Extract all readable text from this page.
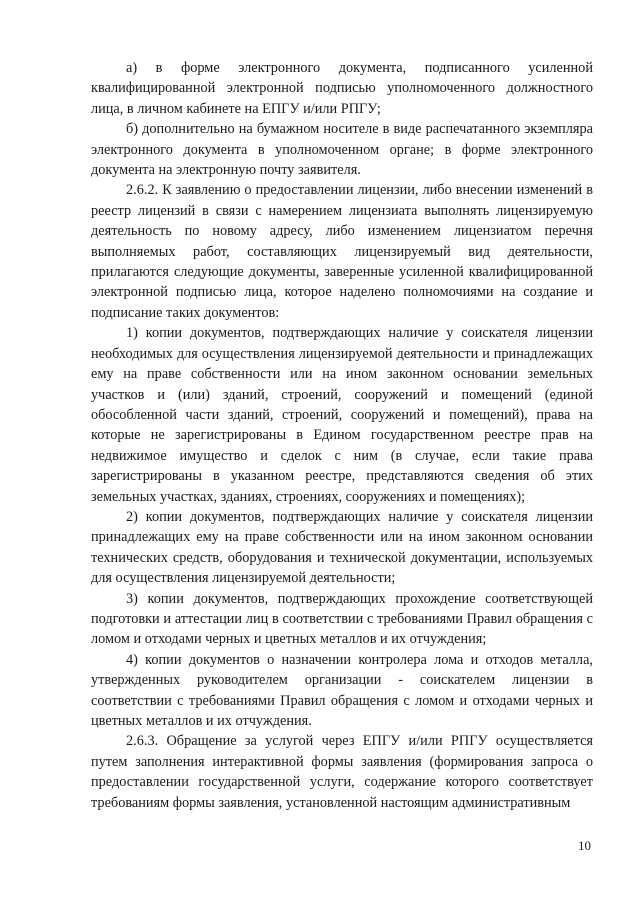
а) в форме электронного документа, подписанного усиленной квалифицированной электронной подписью уполномоченного должностного лица, в личном кабинете на ЕПГУ и/или РПГУ;

б) дополнительно на бумажном носителе в виде распечатанного экземпляра электронного документа в уполномоченном органе; в форме электронного документа на электронную почту заявителя.

2.6.2. К заявлению о предоставлении лицензии, либо внесении изменений в реестр лицензий в связи с намерением лицензиата выполнять лицензируемую деятельность по новому адресу, либо изменением лицензиатом перечня выполняемых работ, составляющих лицензируемый вид деятельности, прилагаются следующие документы, заверенные усиленной квалифицированной электронной подписью лица, которое наделено полномочиями на создание и подписание таких документов:

1) копии документов, подтверждающих наличие у соискателя лицензии необходимых для осуществления лицензируемой деятельности и принадлежащих ему на праве собственности или на ином законном основании земельных участков и (или) зданий, строений, сооружений и помещений (единой обособленной части зданий, строений, сооружений и помещений), права на которые не зарегистрированы в Едином государственном реестре прав на недвижимое имущество и сделок с ним (в случае, если такие права зарегистрированы в указанном реестре, представляются сведения об этих земельных участках, зданиях, строениях, сооружениях и помещениях);

2) копии документов, подтверждающих наличие у соискателя лицензии принадлежащих ему на праве собственности или на ином законном основании технических средств, оборудования и технической документации, используемых для осуществления лицензируемой деятельности;

3) копии документов, подтверждающих прохождение соответствующей подготовки и аттестации лиц в соответствии с требованиями Правил обращения с ломом и отходами черных и цветных металлов и их отчуждения;

4) копии документов о назначении контролера лома и отходов металла, утвержденных руководителем организации - соискателем лицензии в соответствии с требованиями Правил обращения с ломом и отходами черных и цветных металлов и их отчуждения.

2.6.3. Обращение за услугой через ЕПГУ и/или РПГУ осуществляется путем заполнения интерактивной формы заявления (формирования запроса о предоставлении государственной услуги, содержание которого соответствует требованиям формы заявления, установленной настоящим административным

10
